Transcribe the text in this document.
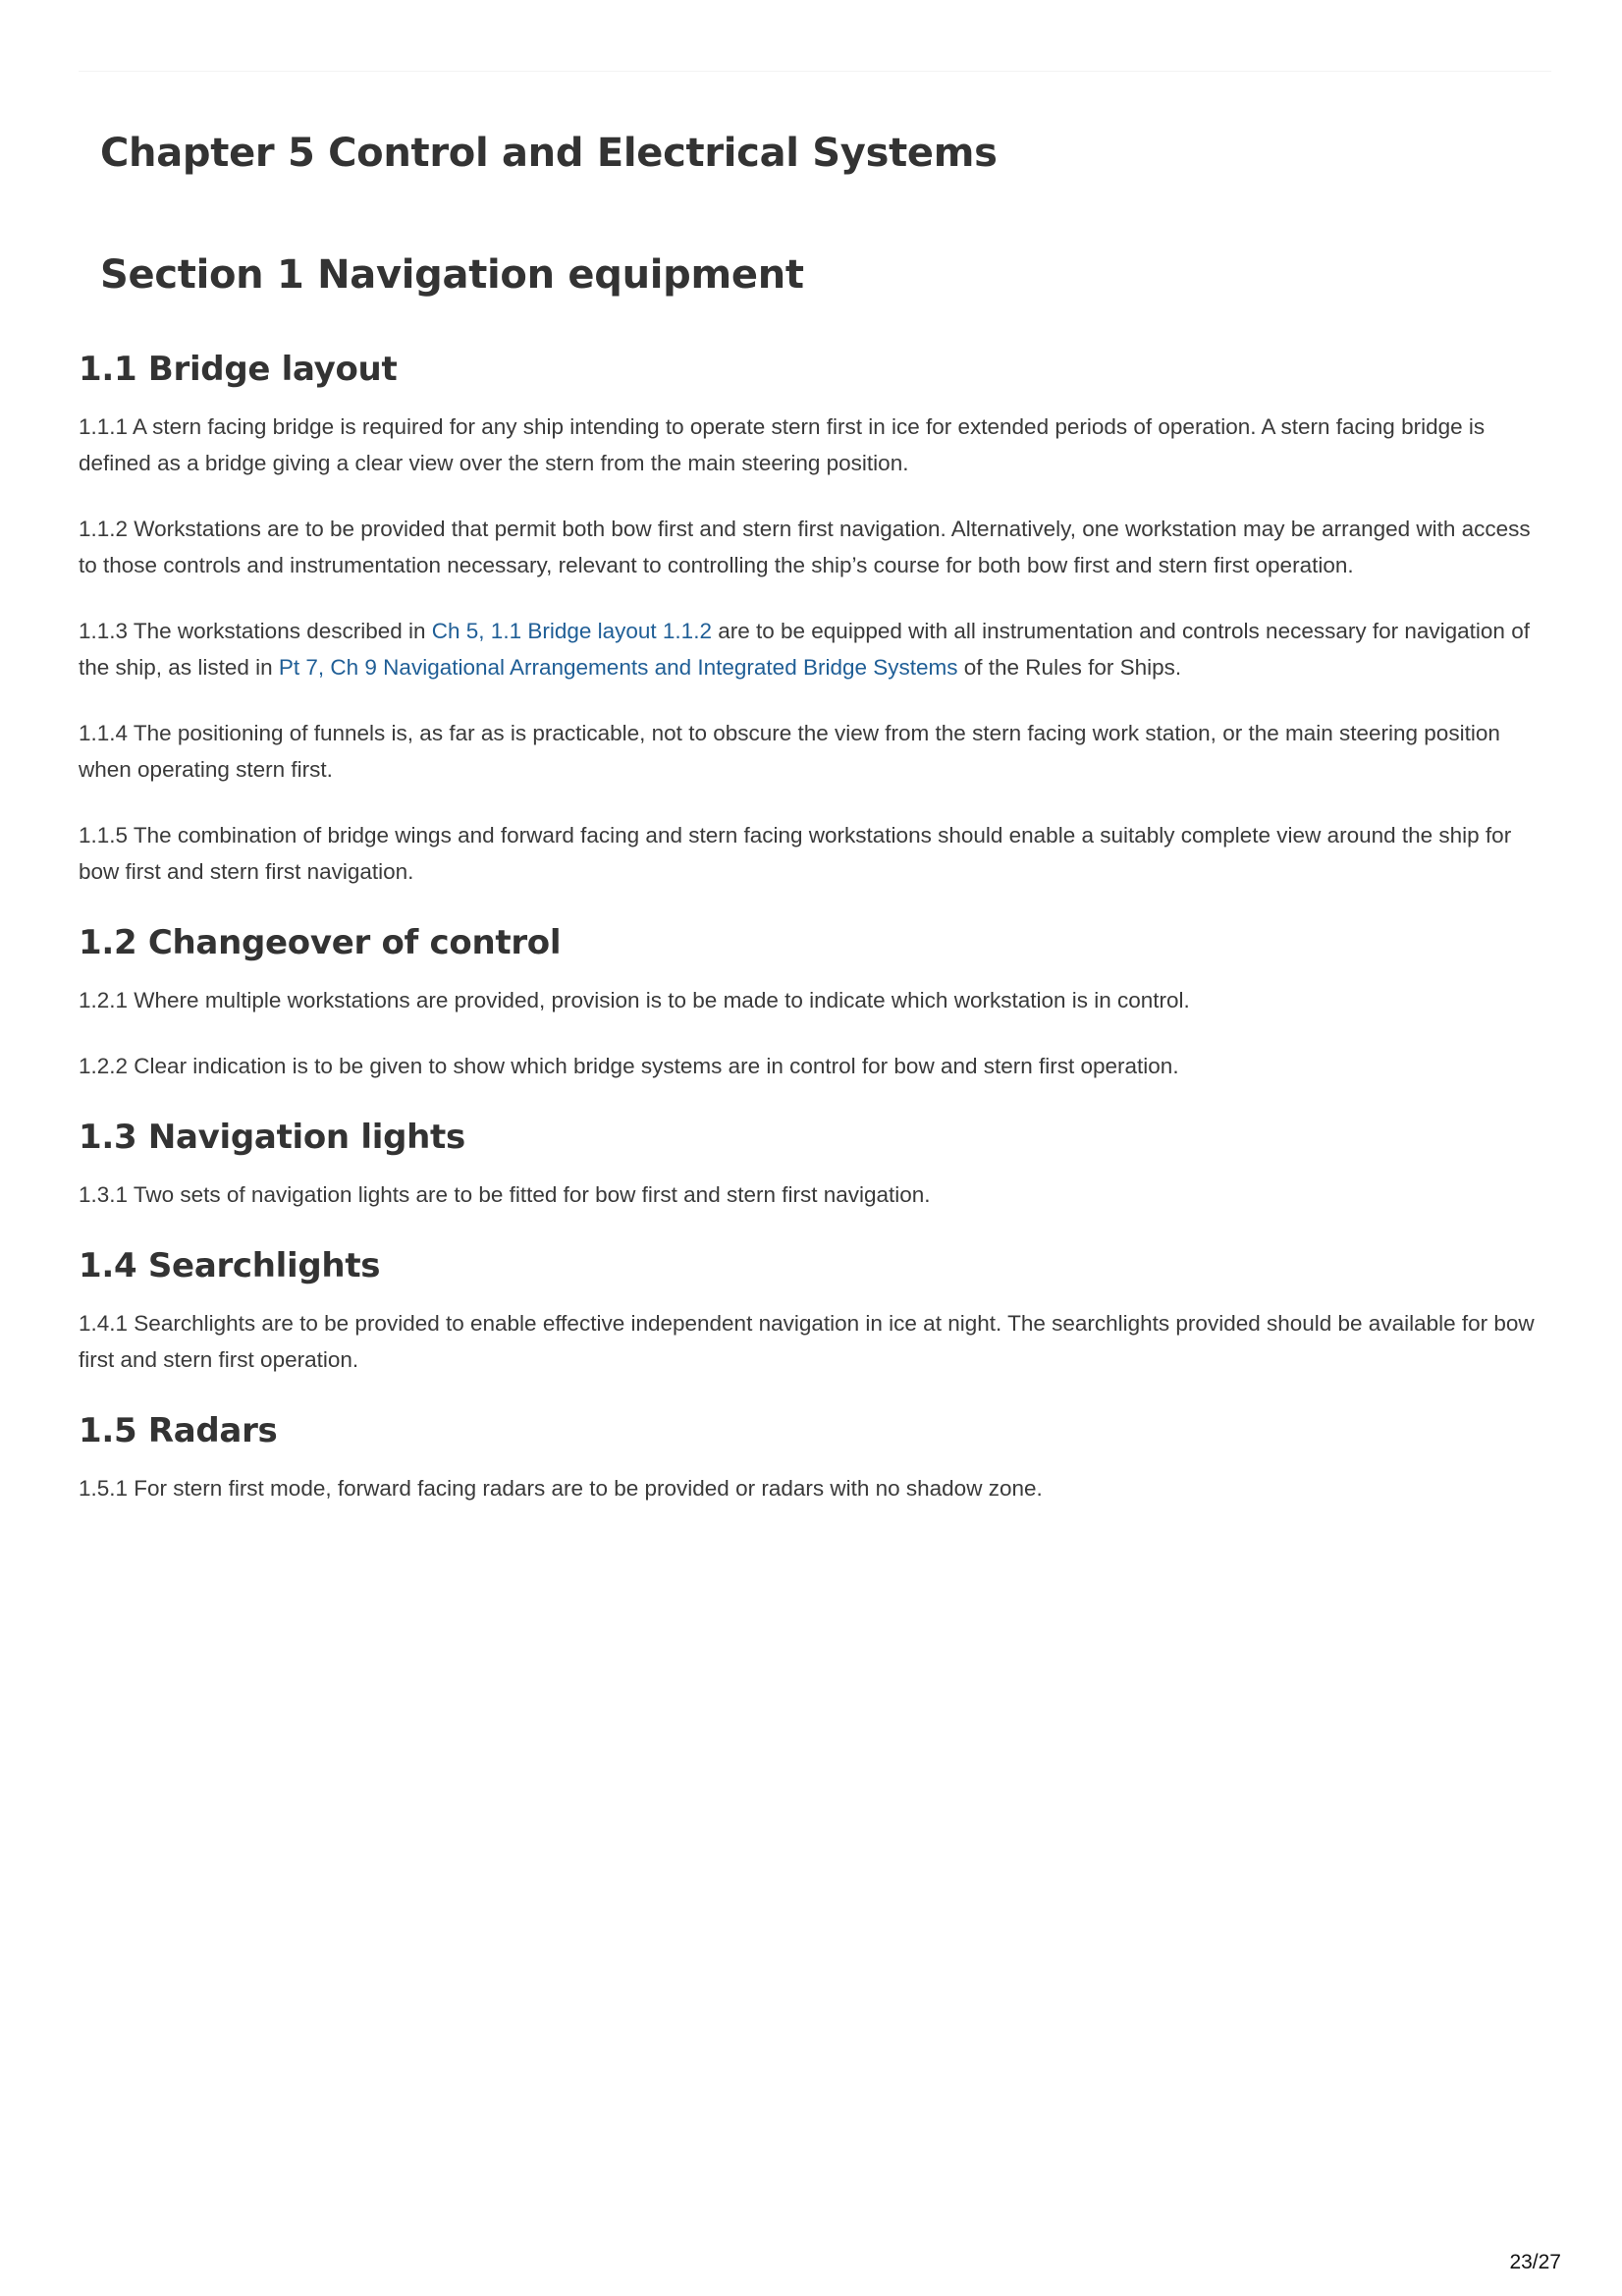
Chapter 5 Control and Electrical Systems
Section 1 Navigation equipment
1.1 Bridge layout

1.1.1 A stern facing bridge is required for any ship intending to operate stern first in ice for extended periods of operation. A stern facing bridge is defined as a bridge giving a clear view over the stern from the main steering position.

1.1.2 Workstations are to be provided that permit both bow first and stern first navigation. Alternatively, one workstation may be arranged with access to those controls and instrumentation necessary, relevant to controlling the ship’s course for both bow first and stern first operation.

1.1.3 The workstations described in Ch 5, 1.1 Bridge layout 1.1.2 are to be equipped with all instrumentation and controls necessary for navigation of the ship, as listed in Pt 7, Ch 9 Navigational Arrangements and Integrated Bridge Systems of the Rules for Ships.

1.1.4 The positioning of funnels is, as far as is practicable, not to obscure the view from the stern facing work station, or the main steering position when operating stern first.

1.1.5 The combination of bridge wings and forward facing and stern facing workstations should enable a suitably complete view around the ship for bow first and stern first navigation.

1.2 Changeover of control

1.2.1 Where multiple workstations are provided, provision is to be made to indicate which workstation is in control.

1.2.2 Clear indication is to be given to show which bridge systems are in control for bow and stern first operation.

1.3 Navigation lights

1.3.1 Two sets of navigation lights are to be fitted for bow first and stern first navigation.

1.4 Searchlights

1.4.1 Searchlights are to be provided to enable effective independent navigation in ice at night. The searchlights provided should be available for bow first and stern first operation.

1.5 Radars

1.5.1 For stern first mode, forward facing radars are to be provided or radars with no shadow zone.

23/27
